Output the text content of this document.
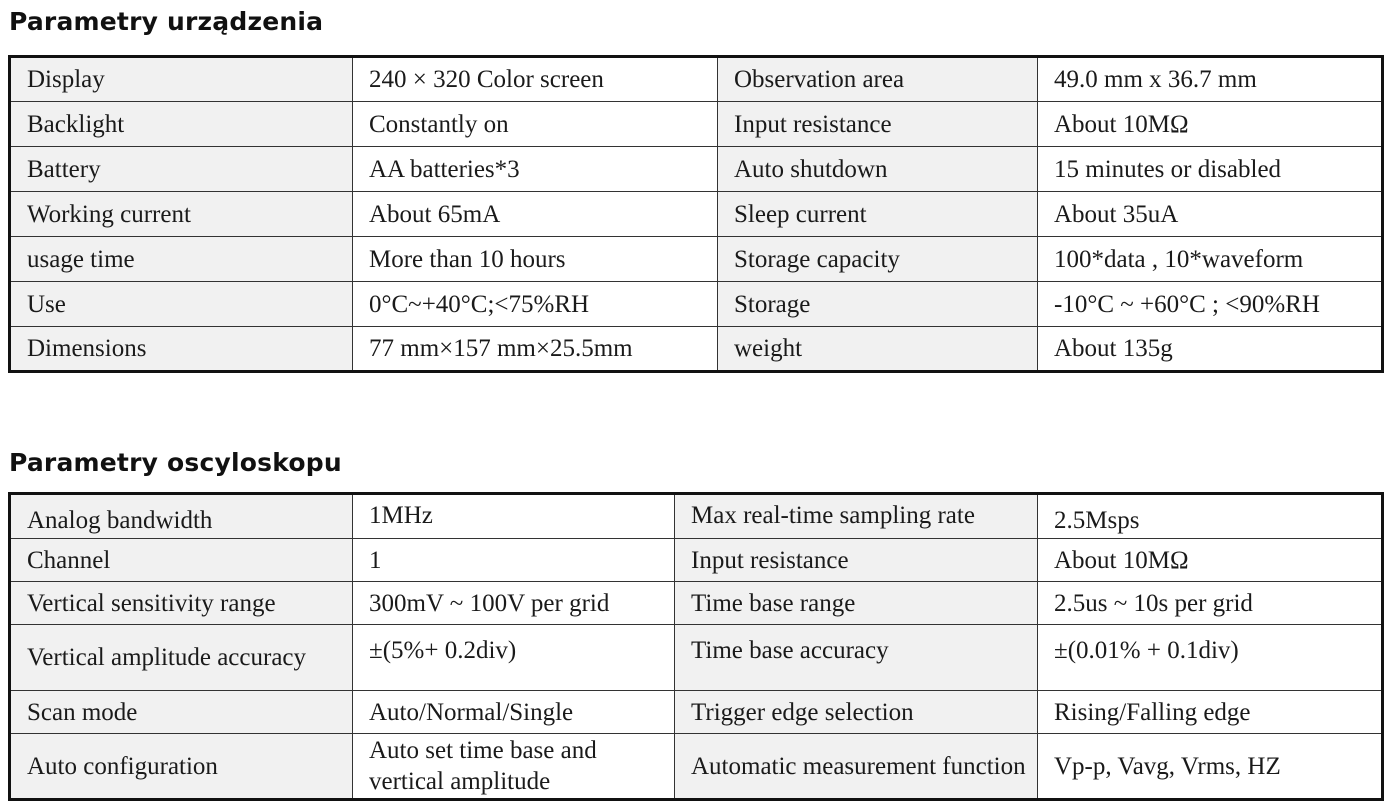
Parametry urządzenia
Display	240 × 320 Color screen	Observation area	49.0 mm x 36.7 mm
Backlight	Constantly on	Input resistance	About 10MΩ
Battery	AA batteries*3	Auto shutdown	15 minutes or disabled
Working current	About 65mA	Sleep current	About 35uA
usage time	More than 10 hours	Storage capacity	100*data , 10*waveform
Use	0°C~+40°C;<75%RH	Storage	-10°C ~ +60°C ; <90%RH
Dimensions	77 mm×157 mm×25.5mm	weight	About 135g
Parametry oscyloskopu
Analog bandwidth	1MHz	Max real-time sampling rate	2.5Msps
Channel	1	Input resistance	About 10MΩ
Vertical sensitivity range	300mV ~ 100V per grid	Time base range	2.5us ~ 10s per grid
Vertical amplitude accuracy	±(5%+ 0.2div)	Time base accuracy	±(0.01% + 0.1div)
Scan mode	Auto/Normal/Single	Trigger edge selection	Rising/Falling edge
Auto configuration	Auto set time base and vertical amplitude	Automatic measurement function	Vp-p, Vavg, Vrms, HZ
